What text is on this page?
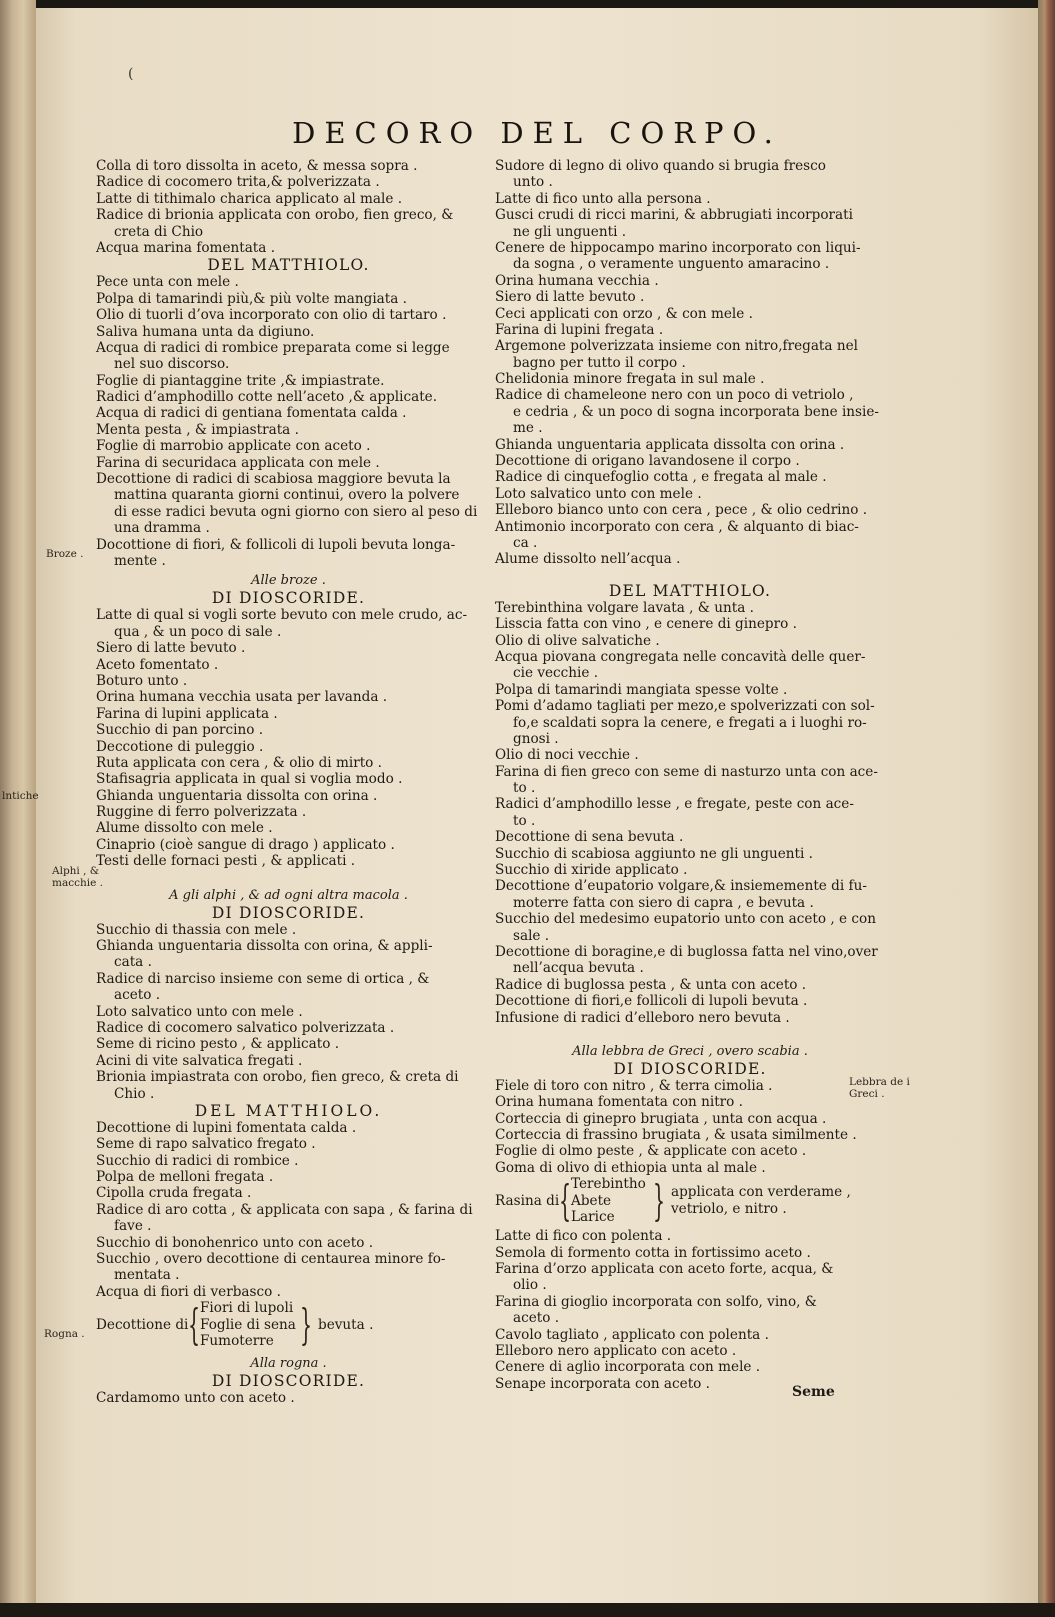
(
DECORO DEL CORPO.
Colla di toro dissolta in aceto, & messa sopra .
Radice di cocomero trita,& polverizzata .
Latte di tithimalo charica applicato al male .
Radice di brionia applicata con orobo, fien greco, &
creta di Chio
Acqua marina fomentata .
DEL MATTHIOLO.
Pece unta con mele .
Polpa di tamarindi più,& più volte mangiata .
Olio di tuorli d’ova incorporato con olio di tartaro .
Saliva humana unta da digiuno.
Acqua di radici di rombice preparata come si legge
nel suo discorso.
Foglie di piantaggine trite ,& impiastrate.
Radici d’amphodillo cotte nell’aceto ,& applicate.
Acqua di radici di gentiana fomentata calda .
Menta pesta , & impiastrata .
Foglie di marrobio applicate con aceto .
Farina di securidaca applicata con mele .
Decottione di radici di scabiosa maggiore bevuta la
mattina quaranta giorni continui, overo la polvere
di esse radici bevuta ogni giorno con siero al peso di
una dramma .
Docottione di fiori, & follicoli di lupoli bevuta longa-
mente .
Alle broze .
DI DIOSCORIDE.
Latte di qual si vogli sorte bevuto con mele crudo, ac-
qua , & un poco di sale .
Siero di latte bevuto .
Aceto fomentato .
Boturo unto .
Orina humana vecchia usata per lavanda .
Farina di lupini applicata .
Succhio di pan porcino .
Deccotione di puleggio .
Ruta applicata con cera , & olio di mirto .
Stafisagria applicata in qual si voglia modo .
Ghianda unguentaria dissolta con orina .
Ruggine di ferro polverizzata .
Alume dissolto con mele .
Cinaprio (cioè sangue di drago ) applicato .
Testi delle fornaci pesti , & applicati .
A gli alphi , & ad ogni altra macola .
DI DIOSCORIDE.
Succhio di thassia con mele .
Ghianda unguentaria dissolta con orina, & appli-
cata .
Radice di narciso insieme con seme di ortica , &
aceto .
Loto salvatico unto con mele .
Radice di cocomero salvatico polverizzata .
Seme di ricino pesto , & applicato .
Acini di vite salvatica fregati .
Brionia impiastrata con orobo, fien greco, & creta di
Chio .
DEL MATTHIOLO.
Decottione di lupini fomentata calda .
Seme di rapo salvatico fregato .
Succhio di radici di rombice .
Polpa de melloni fregata .
Cipolla cruda fregata .
Radice di aro cotta , & applicata con sapa , & farina di
fave .
Succhio di bonohenrico unto con aceto .
Succhio , overo decottione di centaurea minore fo-
mentata .
Acqua di fiori di verbasco .
Decottione di { Fiori di lupoli
Foglie di sena
Fumoterre } bevuta .
Alla rogna .
DI DIOSCORIDE.
Cardamomo unto con aceto .
Sudore di legno di olivo quando si brugia fresco
unto .
Latte di fico unto alla persona .
Gusci crudi di ricci marini, & abbrugiati incorporati
ne gli unguenti .
Cenere de hippocampo marino incorporato con liqui-
da sogna , o veramente unguento amaracino .
Orina humana vecchia .
Siero di latte bevuto .
Ceci applicati con orzo , & con mele .
Farina di lupini fregata .
Argemone polverizzata insieme con nitro,fregata nel
bagno per tutto il corpo .
Chelidonia minore fregata in sul male .
Radice di chameleone nero con un poco di vetriolo ,
e cedria , & un poco di sogna incorporata bene insie-
me .
Ghianda unguentaria applicata dissolta con orina .
Decottione di origano lavandosene il corpo .
Radice di cinquefoglio cotta , e fregata al male .
Loto salvatico unto con mele .
Elleboro bianco unto con cera , pece , & olio cedrino .
Antimonio incorporato con cera , & alquanto di biac-
ca .
Alume dissolto nell’acqua .
DEL MATTHIOLO.
Terebinthina volgare lavata , & unta .
Lisscia fatta con vino , e cenere di ginepro .
Olio di olive salvatiche .
Acqua piovana congregata nelle concavità delle quer-
cie vecchie .
Polpa di tamarindi mangiata spesse volte .
Pomi d’adamo tagliati per mezo,e spolverizzati con sol-
fo,e scaldati sopra la cenere, e fregati a i luoghi ro-
gnosi .
Olio di noci vecchie .
Farina di fien greco con seme di nasturzo unta con ace-
to .
Radici d’amphodillo lesse , e fregate, peste con ace-
to .
Decottione di sena bevuta .
Succhio di scabiosa aggiunto ne gli unguenti .
Succhio di xiride applicato .
Decottione d’eupatorio volgare,& insiememente di fu-
moterre fatta con siero di capra , e bevuta .
Succhio del medesimo eupatorio unto con aceto , e con
sale .
Decottione di boragine,e di buglossa fatta nel vino,over
nell’acqua bevuta .
Radice di buglossa pesta , & unta con aceto .
Decottione di fiori,e follicoli di lupoli bevuta .
Infusione di radici d’elleboro nero bevuta .
Alla lebbra de Greci , overo scabia .
DI DIOSCORIDE.
Fiele di toro con nitro , & terra cimolia .
Orina humana fomentata con nitro .
Corteccia di ginepro brugiata , unta con acqua .
Corteccia di frassino brugiata , & usata similmente .
Foglie di olmo peste , & applicate con aceto .
Goma di olivo di ethiopia unta al male .
Rasina di { Terebintho
Abete
Larice } applicata con verderame ,
vetriolo, e nitro .
Latte di fico con polenta .
Semola di formento cotta in fortissimo aceto .
Farina d’orzo applicata con aceto forte, acqua, &
olio .
Farina di gioglio incorporata con solfo, vino, &
aceto .
Cavolo tagliato , applicato con polenta .
Elleboro nero applicato con aceto .
Cenere di aglio incorporata con mele .
Senape incorporata con aceto .
Broze .
lntiche
Alphi , &
macchie .
Rogna .
Lebbra de i
Greci .
Seme
